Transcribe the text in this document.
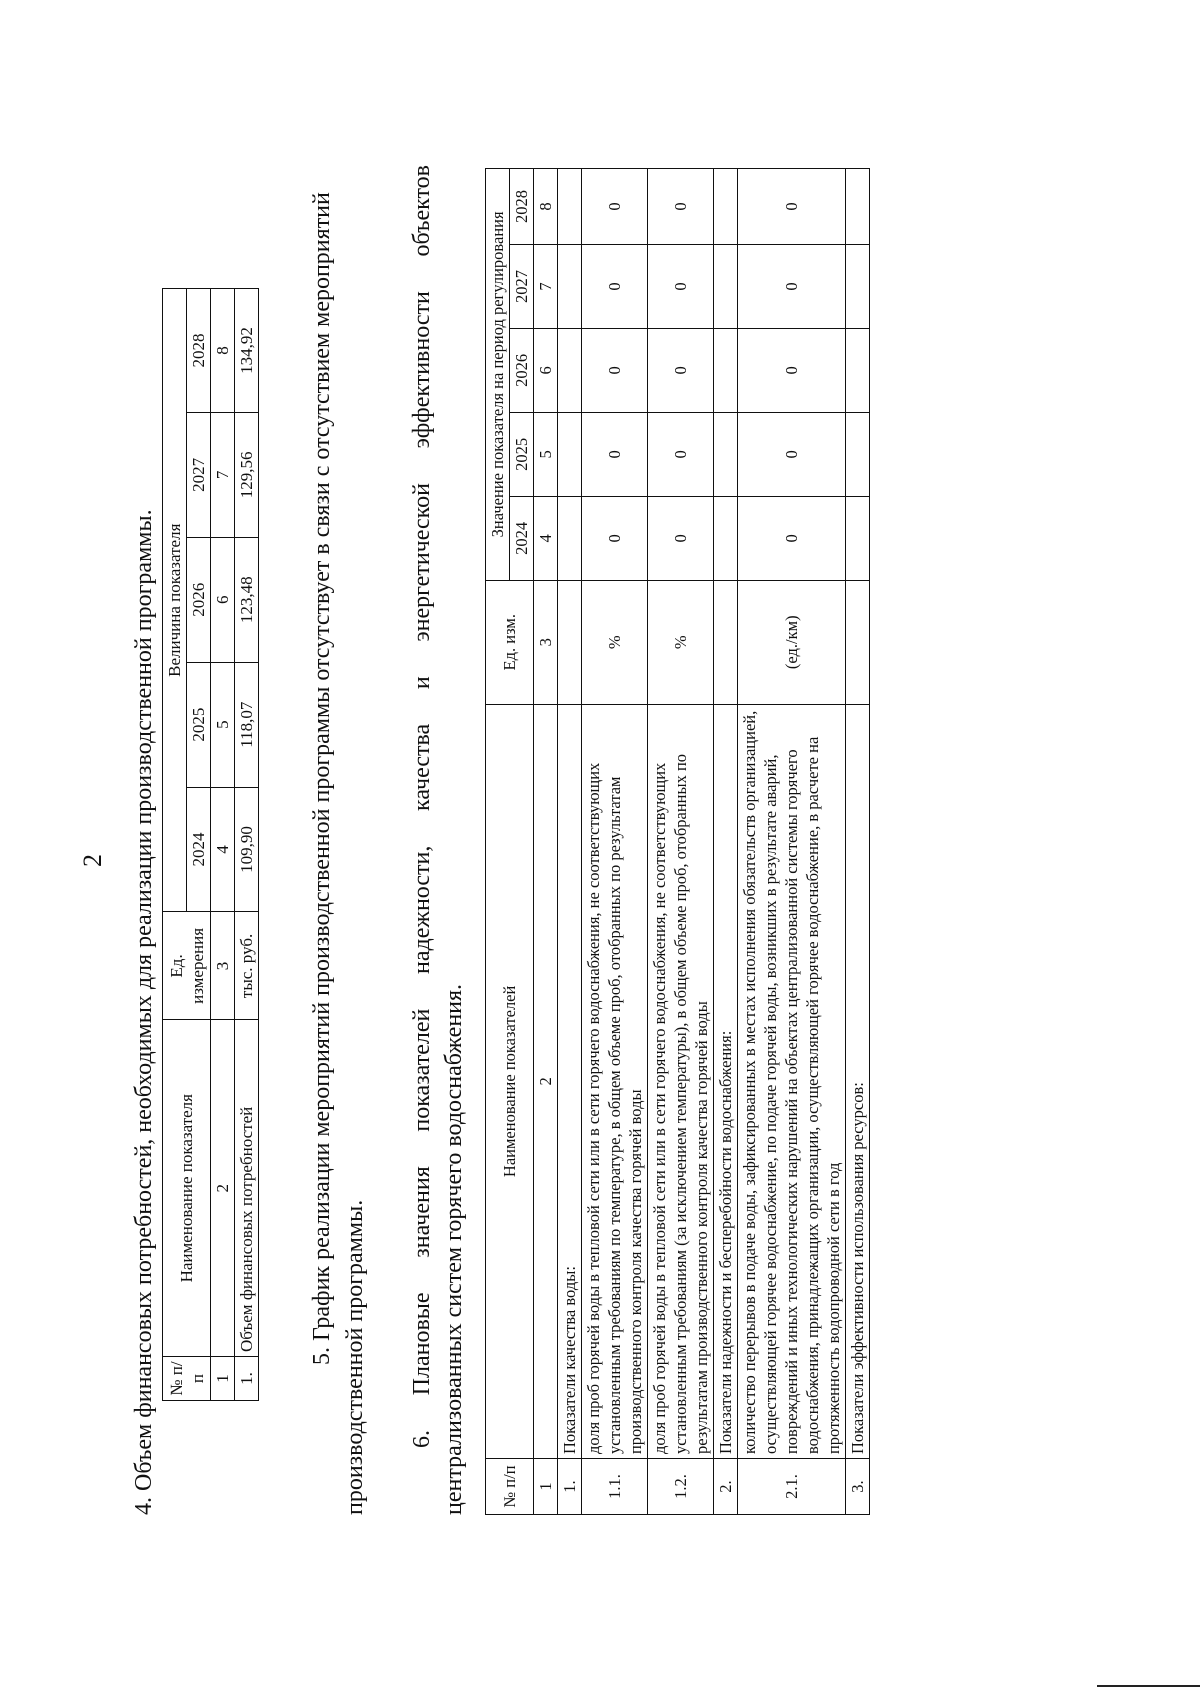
2 4. Объем финансовых потребностей, необходимых для реализации производственной программы. № п/п	Наименование показателя	Ед. измерения	Величина показателя				
			2024	2025	2026	2027	2028
1	2	3	4	5	6	7	8
1.	Объем финансовых потребностей	тыс. руб.	109,90	118,07	123,48	129,56	134,92 5. График реализации мероприятий производственной программы отсутствует в связи с отсутствием мероприятий производственной программы. 6. Плановые значения показателей надежности, качества и энергетической эффективности объектов централизованных систем горячего водоснабжения. № п/п	Наименование показателей	Ед. изм.	Значение показателя на период регулирования				
			2024	2025	2026	2027	2028
1	2	3	4	5	6	7	8
1.	Показатели качества воды:						
1.1.	доля проб горячей воды в тепловой сети или в сети горячего водоснабжения, не соответствующих установленным требованиям по температуре, в общем объеме проб, отобранных по результатам производственного контроля качества горячей воды	%	0	0	0	0	0
1.2.	доля проб горячей воды в тепловой сети или в сети горячего водоснабжения, не соответствующих установленным требованиям (за исключением температуры), в общем объеме проб, отобранных по результатам производственного контроля качества горячей воды	%	0	0	0	0	0
2.	Показатели надежности и бесперебойности водоснабжения:						
2.1.	количество перерывов в подаче воды, зафиксированных в местах исполнения обязательств организацией, осуществляющей горячее водоснабжение, по подаче горячей воды, возникших в результате аварий, повреждений и иных технологических нарушений на объектах централизованной системы горячего водоснабжения, принадлежащих организации, осуществляющей горячее водоснабжение, в расчете на протяженность водопроводной сети в год	(ед./км)	0	0	0	0	0
3.	Показатели эффективности использования ресурсов:						
